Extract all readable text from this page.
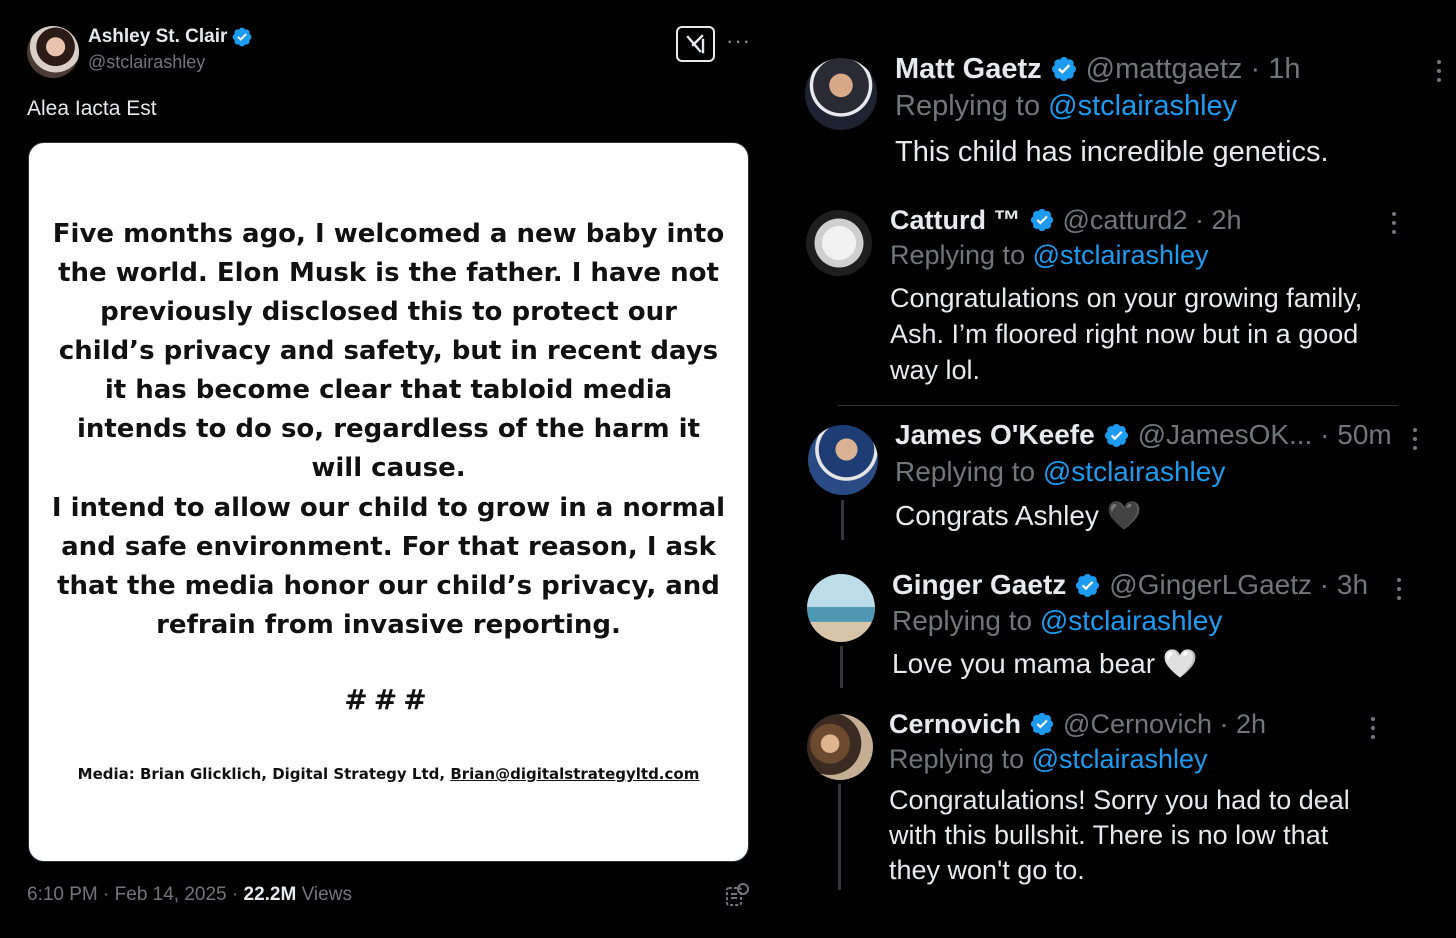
Ashley St. Clair
@stclairashley
···
Alea Iacta Est
Five months ago, I welcomed a new baby into the world. Elon Musk is the father. I have not previously disclosed this to protect our child’s privacy and safety, but in recent days it has become clear that tabloid media intends to do so, regardless of the harm it will cause.
I intend to allow our child to grow in a normal and safe environment. For that reason, I ask that the media honor our child’s privacy, and refrain from invasive reporting.
###
Media: Brian Glicklich, Digital Strategy Ltd, Brian@digitalstrategyltd.com
6:10 PM · Feb 14, 2025 · 22.2M Views
Matt Gaetz @mattgaetz · 1h
Replying to @stclairashley
This child has incredible genetics.
Catturd ™ @catturd2 · 2h
Replying to @stclairashley
Congratulations on your growing family, Ash. I’m floored right now but in a good way lol.
James O'Keefe @JamesOK... · 50m
Replying to @stclairashley
Congrats Ashley 🖤
Ginger Gaetz @GingerLGaetz · 3h
Replying to @stclairashley
Love you mama bear 🤍
Cernovich @Cernovich · 2h
Replying to @stclairashley
Congratulations! Sorry you had to deal with this bullshit. There is no low that they won't go to.
